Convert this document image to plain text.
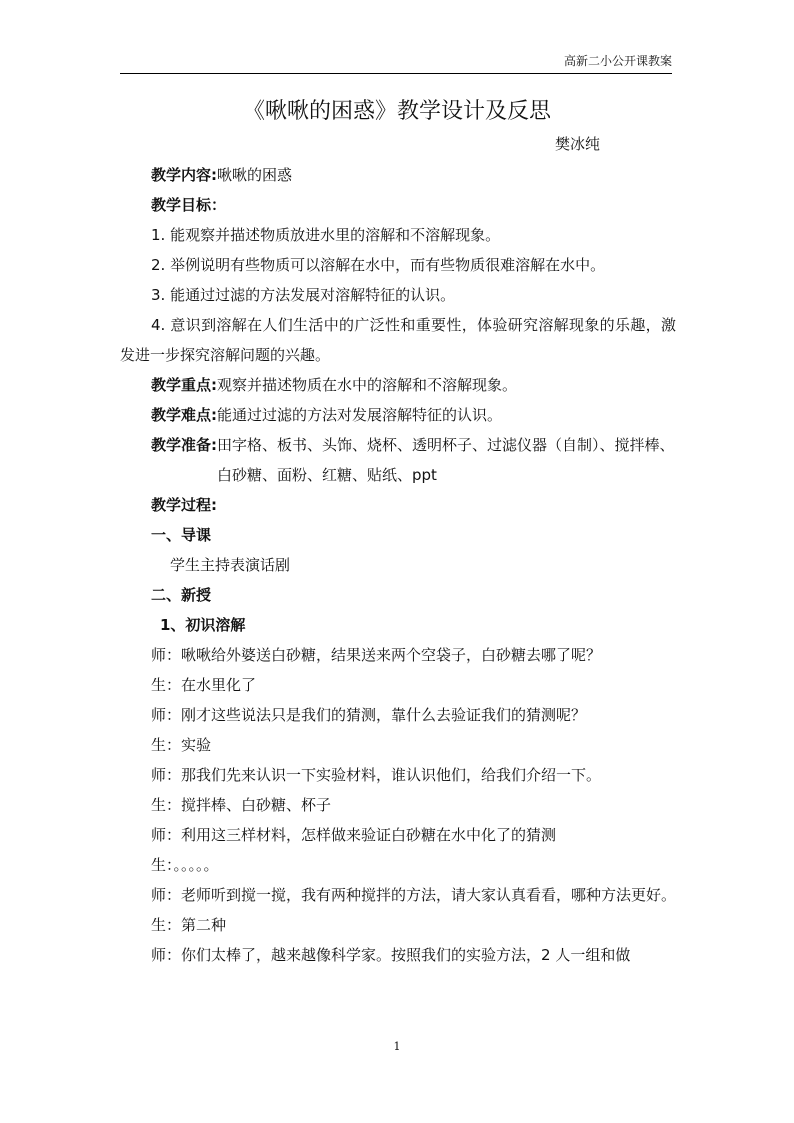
高新二小公开课教案
《啾啾的困惑》教学设计及反思
樊冰纯

教学内容:啾啾的困惑

教学目标：

1. 能观察并描述物质放进水里的溶解和不溶解现象。

2. 举例说明有些物质可以溶解在水中，而有些物质很难溶解在水中。

3. 能通过过滤的方法发展对溶解特征的认识。

4. 意识到溶解在人们生活中的广泛性和重要性，体验研究溶解现象的乐趣，激发进一步探究溶解问题的兴趣。

教学重点:观察并描述物质在水中的溶解和不溶解现象。

教学难点:能通过过滤的方法对发展溶解特征的认识。

教学准备: 田字格、板书、头饰、烧杯、透明杯子、过滤仪器（自制）、搅拌棒、白砂糖、面粉、红糖、贴纸、ppt

教学过程:

一、导课

学生主持表演话剧

二、新授

1、初识溶解

师：啾啾给外婆送白砂糖，结果送来两个空袋子，白砂糖去哪了呢？

生：在水里化了

师：刚才这些说法只是我们的猜测，靠什么去验证我们的猜测呢？

生：实验

师：那我们先来认识一下实验材料，谁认识他们，给我们介绍一下。

生：搅拌棒、白砂糖、杯子

师：利用这三样材料，怎样做来验证白砂糖在水中化了的猜测

生：。。。。。

师：老师听到搅一搅，我有两种搅拌的方法，请大家认真看看，哪种方法更好。

生：第二种

师：你们太棒了，越来越像科学家。按照我们的实验方法，2 人一组和做

1
